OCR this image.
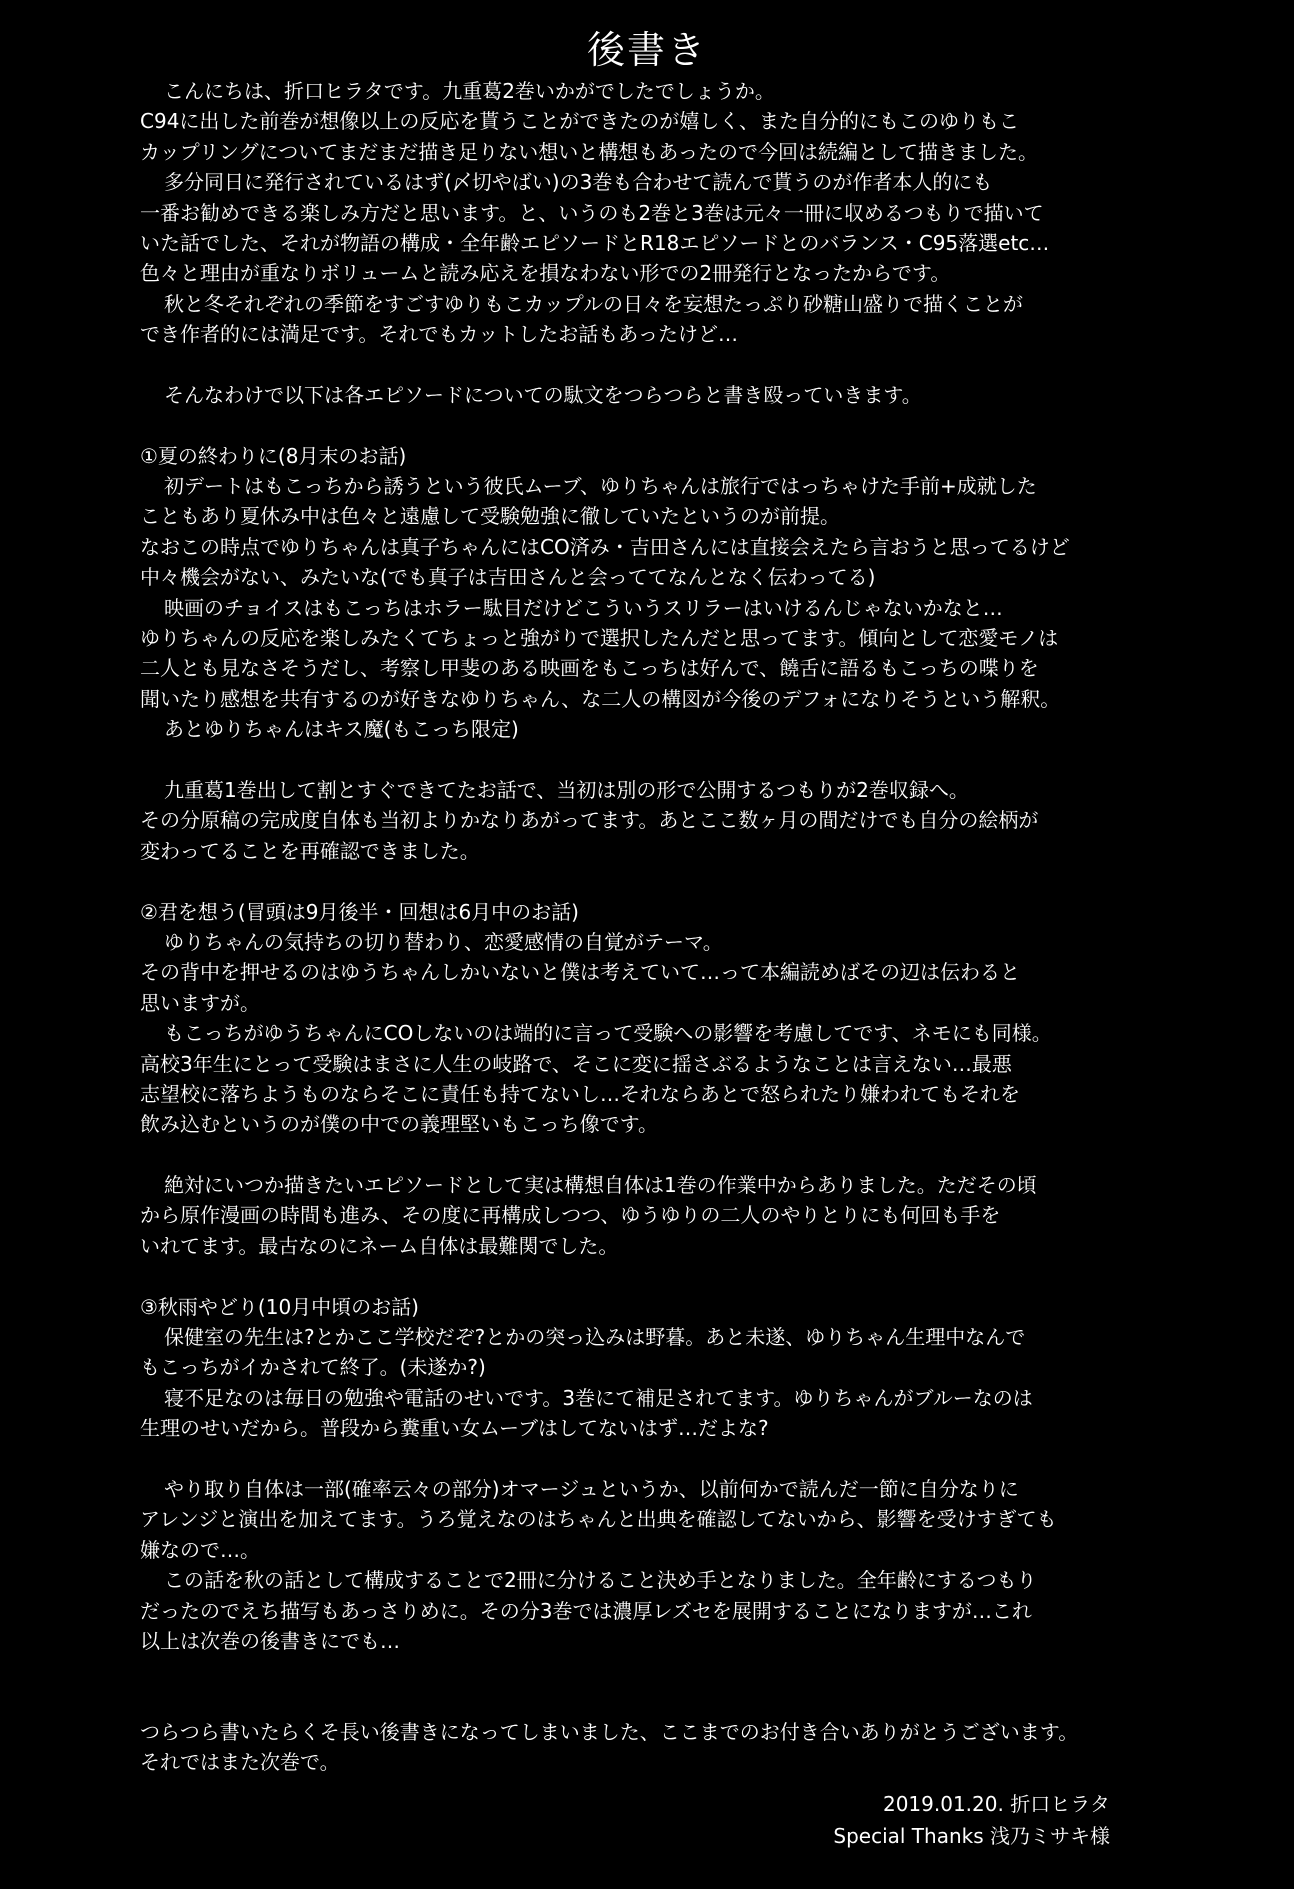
後書き
こんにちは、折口ヒラタです。九重葛2巻いかがでしたでしょうか。
C94に出した前巻が想像以上の反応を貰うことができたのが嬉しく、また自分的にもこのゆりもこ
カップリングについてまだまだ描き足りない想いと構想もあったので今回は続編として描きました。
多分同日に発行されているはず(〆切やばい)の3巻も合わせて読んで貰うのが作者本人的にも
一番お勧めできる楽しみ方だと思います。と、いうのも2巻と3巻は元々一冊に収めるつもりで描いて
いた話でした、それが物語の構成・全年齢エピソードとR18エピソードとのバランス・C95落選etc…
色々と理由が重なりボリュームと読み応えを損なわない形での2冊発行となったからです。
秋と冬それぞれの季節をすごすゆりもこカップルの日々を妄想たっぷり砂糖山盛りで描くことが
でき作者的には満足です。それでもカットしたお話もあったけど…
そんなわけで以下は各エピソードについての駄文をつらつらと書き殴っていきます。
①夏の終わりに(8月末のお話)
初デートはもこっちから誘うという彼氏ムーブ、ゆりちゃんは旅行ではっちゃけた手前+成就した
こともあり夏休み中は色々と遠慮して受験勉強に徹していたというのが前提。
なおこの時点でゆりちゃんは真子ちゃんにはCO済み・吉田さんには直接会えたら言おうと思ってるけど
中々機会がない、みたいな(でも真子は吉田さんと会っててなんとなく伝わってる)
映画のチョイスはもこっちはホラー駄目だけどこういうスリラーはいけるんじゃないかなと…
ゆりちゃんの反応を楽しみたくてちょっと強がりで選択したんだと思ってます。傾向として恋愛モノは
二人とも見なさそうだし、考察し甲斐のある映画をもこっちは好んで、饒舌に語るもこっちの喋りを
聞いたり感想を共有するのが好きなゆりちゃん、な二人の構図が今後のデフォになりそうという解釈。
あとゆりちゃんはキス魔(もこっち限定)
九重葛1巻出して割とすぐできてたお話で、当初は別の形で公開するつもりが2巻収録へ。
その分原稿の完成度自体も当初よりかなりあがってます。あとここ数ヶ月の間だけでも自分の絵柄が
変わってることを再確認できました。
②君を想う(冒頭は9月後半・回想は6月中のお話)
ゆりちゃんの気持ちの切り替わり、恋愛感情の自覚がテーマ。
その背中を押せるのはゆうちゃんしかいないと僕は考えていて…って本編読めばその辺は伝わると
思いますが。
もこっちがゆうちゃんにCOしないのは端的に言って受験への影響を考慮してです、ネモにも同様。
高校3年生にとって受験はまさに人生の岐路で、そこに変に揺さぶるようなことは言えない…最悪
志望校に落ちようものならそこに責任も持てないし…それならあとで怒られたり嫌われてもそれを
飲み込むというのが僕の中での義理堅いもこっち像です。
絶対にいつか描きたいエピソードとして実は構想自体は1巻の作業中からありました。ただその頃
から原作漫画の時間も進み、その度に再構成しつつ、ゆうゆりの二人のやりとりにも何回も手を
いれてます。最古なのにネーム自体は最難関でした。
③秋雨やどり(10月中頃のお話)
保健室の先生は?とかここ学校だぞ?とかの突っ込みは野暮。あと未遂、ゆりちゃん生理中なんで
もこっちがイかされて終了。(未遂か?)
寝不足なのは毎日の勉強や電話のせいです。3巻にて補足されてます。ゆりちゃんがブルーなのは
生理のせいだから。普段から糞重い女ムーブはしてないはず…だよな?
やり取り自体は一部(確率云々の部分)オマージュというか、以前何かで読んだ一節に自分なりに
アレンジと演出を加えてます。うろ覚えなのはちゃんと出典を確認してないから、影響を受けすぎても
嫌なので…。
この話を秋の話として構成することで2冊に分けること決め手となりました。全年齢にするつもり
だったのでえち描写もあっさりめに。その分3巻では濃厚レズセを展開することになりますが…これ
以上は次巻の後書きにでも…
つらつら書いたらくそ長い後書きになってしまいました、ここまでのお付き合いありがとうございます。
それではまた次巻で。
2019.01.20. 折口ヒラタ
Special Thanks 浅乃ミサキ様
